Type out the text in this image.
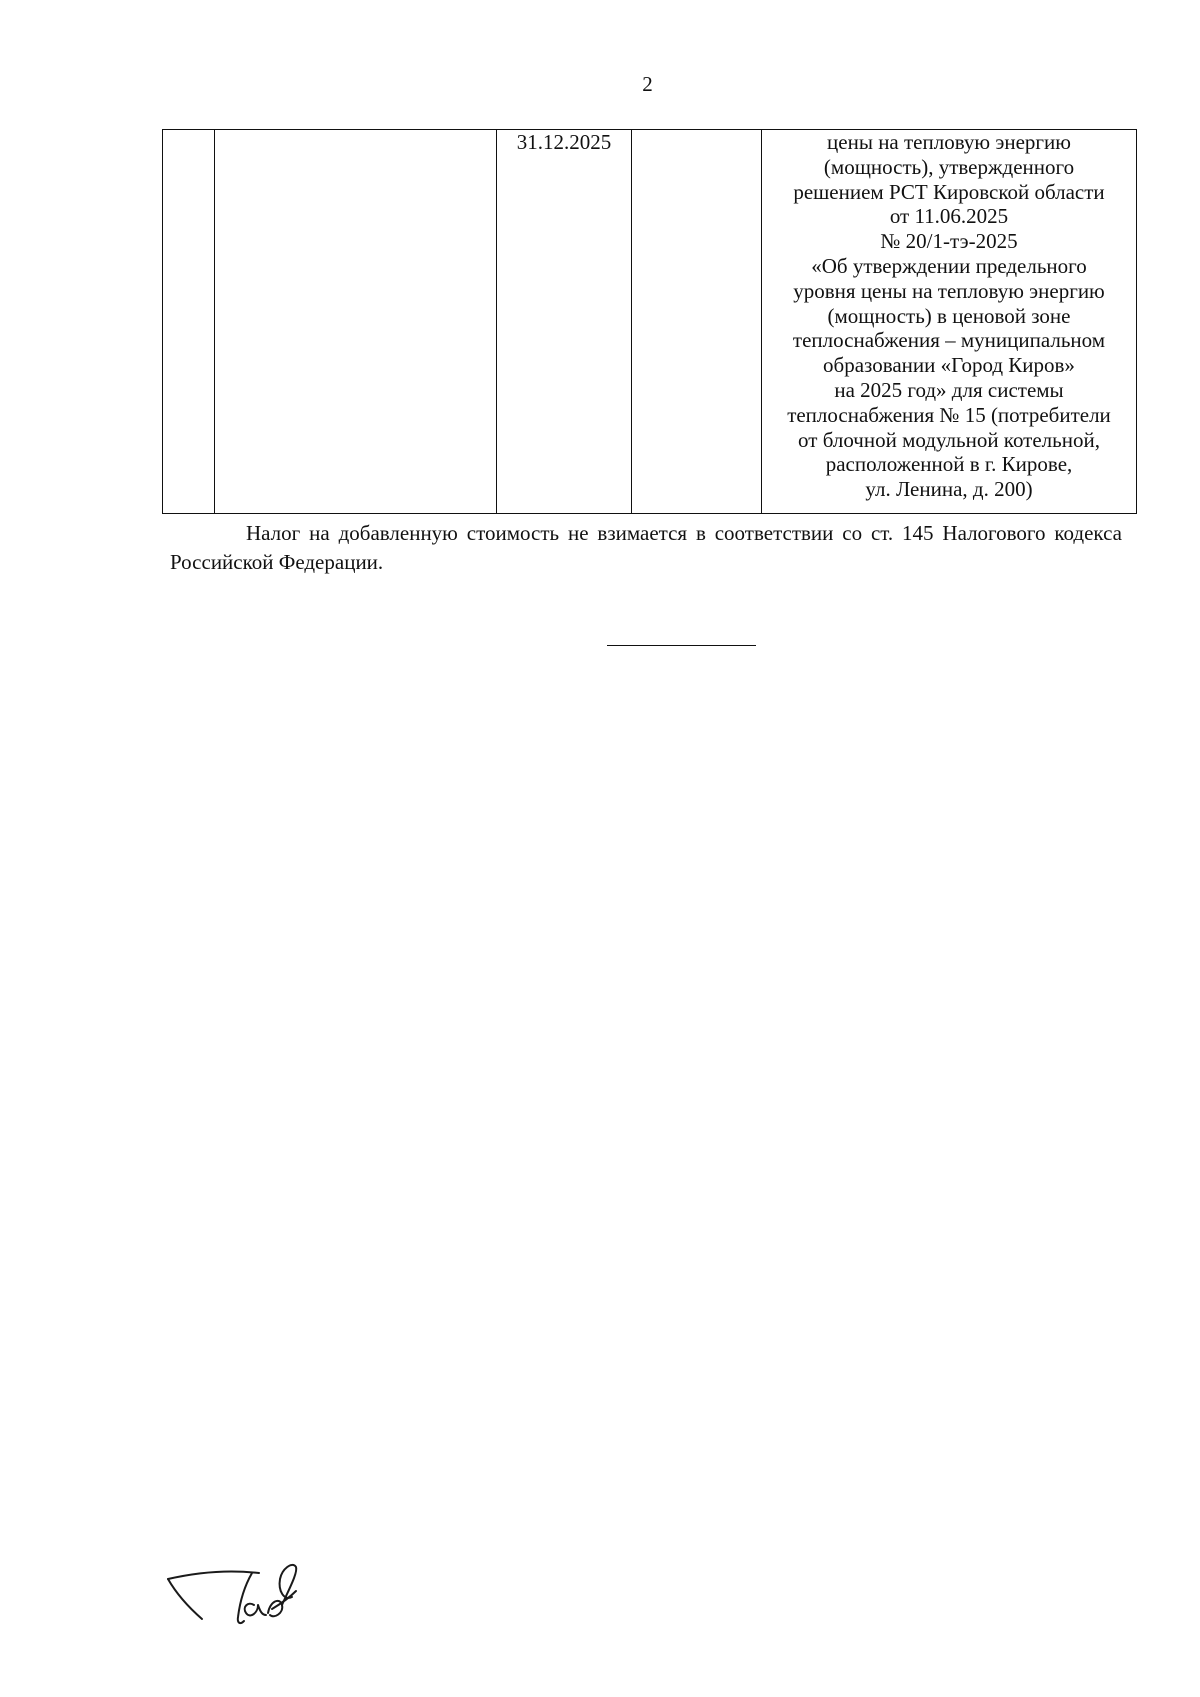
2
		31.12.2025		цены на тепловую энергию
(мощность), утвержденного
решением РСТ Кировской области
от 11.06.2025
№ 20/1-тэ-2025
«Об утверждении предельного
уровня цены на тепловую энергию
(мощность) в ценовой зоне
теплоснабжения – муниципальном
образовании «Город Киров»
на 2025 год» для системы
теплоснабжения № 15 (потребители
от блочной модульной котельной,
расположенной в г. Кирове,
ул. Ленина, д. 200)
Налог на добавленную стоимость не взимается в соответствии со ст. 145 Налогового кодекса Российской Федерации.
